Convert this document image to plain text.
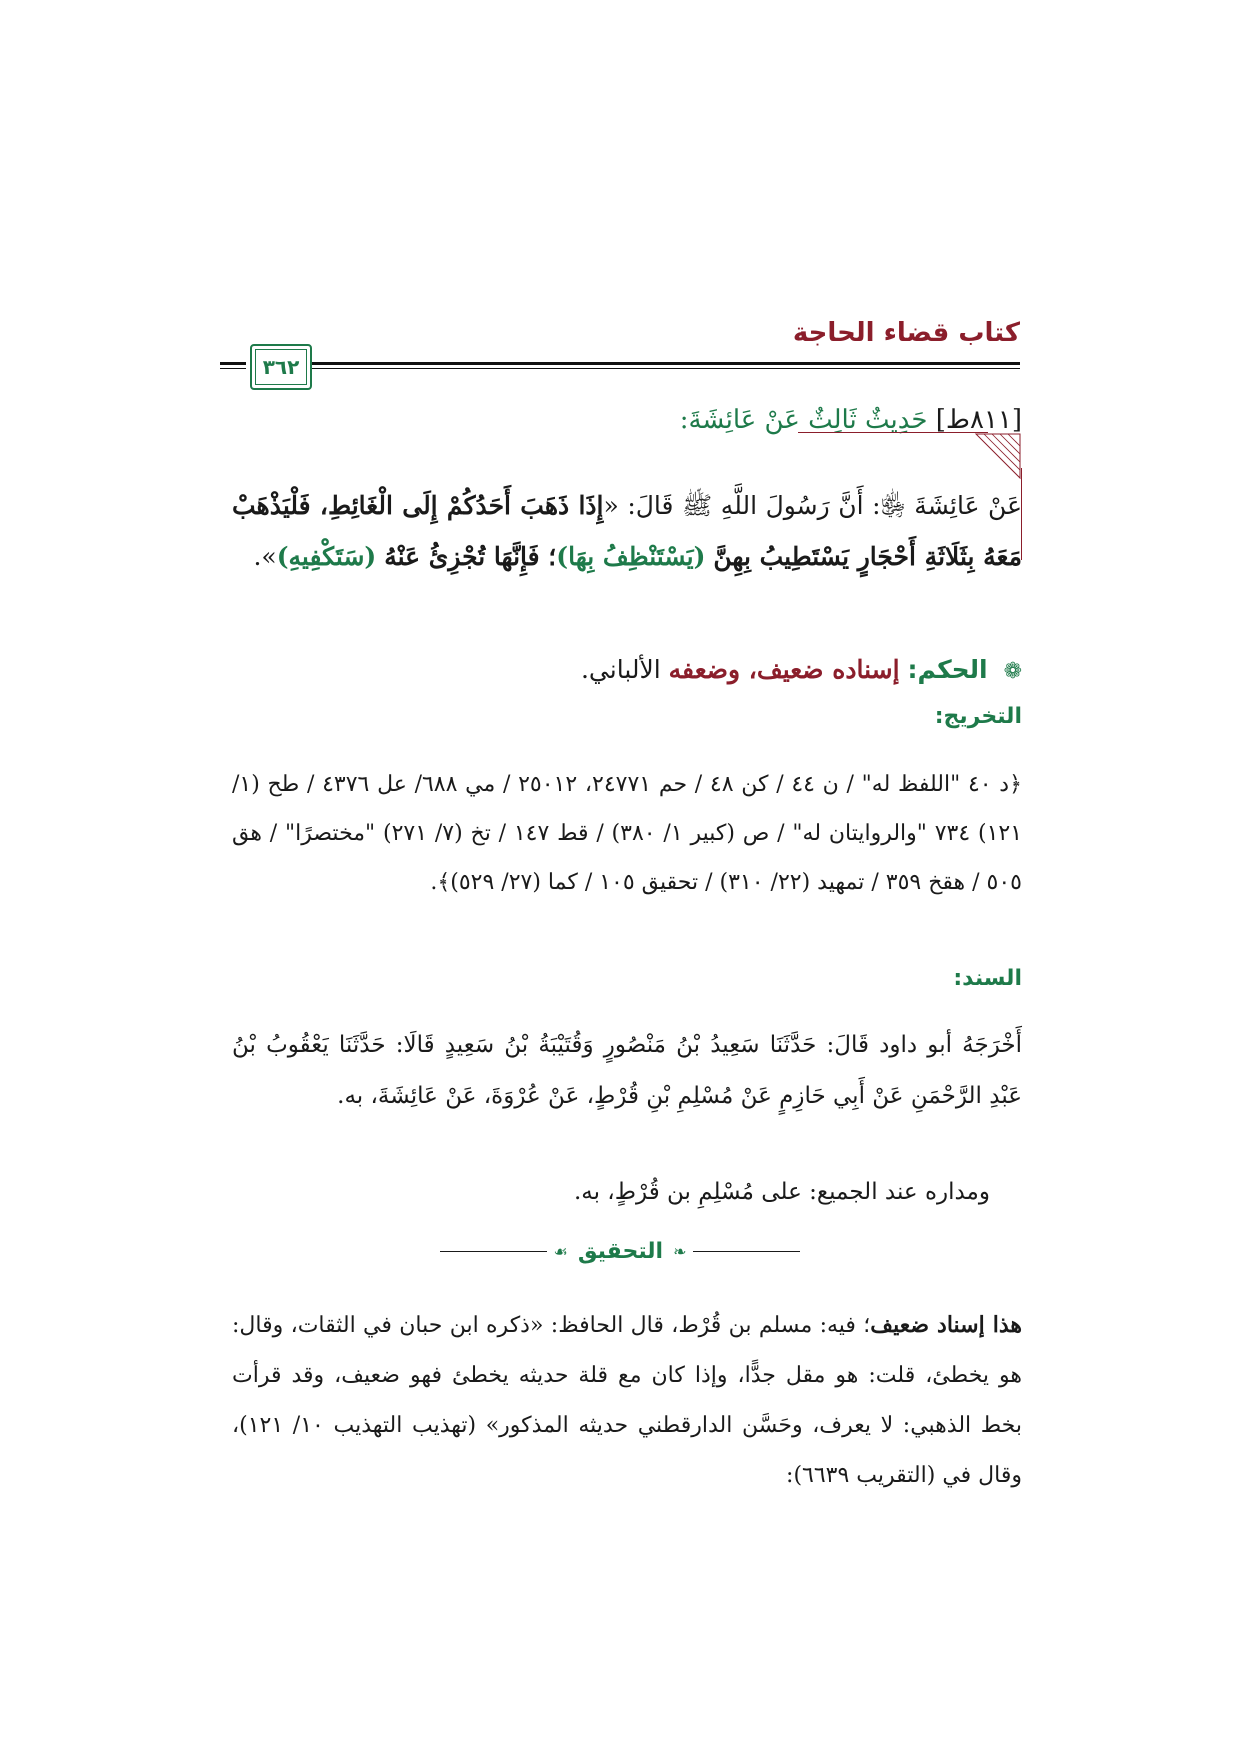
٣٦٢
كتاب قضاء الحاجة
[٨١١ط] حَدِيثٌ ثَالِثٌ عَنْ عَائِشَةَ:
عَنْ عَائِشَةَ ﵂: أَنَّ رَسُولَ اللَّهِ ﷺ قَالَ: «إِذَا ذَهَبَ أَحَدُكُمْ إِلَى الْغَائِطِ، فَلْيَذْهَبْ مَعَهُ بِثَلَاثَةِ أَحْجَارٍ يَسْتَطِيبُ بِهِنَّ (يَسْتَنْظِفُ بِهَا)؛ فَإِنَّهَا تُجْزِئُ عَنْهُ (سَتَكْفِيهِ)».
❁ الحكم: إسناده ضعيف، وضعفه الألباني.
التخريج:
﴿د ٤٠ "اللفظ له" / ن ٤٤ / كن ٤٨ / حم ٢٤٧٧١، ٢٥٠١٢ / مي ٦٨٨/ عل ٤٣٧٦ / طح (١/ ١٢١) ٧٣٤ "والروايتان له" / ص (كبير ١/ ٣٨٠) / قط ١٤٧ / تخ (٧/ ٢٧١) "مختصرًا" / هق ٥٠٥ / هقخ ٣٥٩ / تمهيد (٢٢/ ٣١٠) / تحقيق ١٠٥ / كما (٢٧/ ٥٢٩)﴾.
السند:
أَخْرَجَهُ أبو داود قَالَ: حَدَّثَنَا سَعِيدُ بْنُ مَنْصُورٍ وَقُتَيْبَةُ بْنُ سَعِيدٍ قَالَا: حَدَّثَنَا يَعْقُوبُ بْنُ عَبْدِ الرَّحْمَنِ عَنْ أَبِي حَازِمٍ عَنْ مُسْلِمِ بْنِ قُرْطٍ، عَنْ عُرْوَةَ، عَنْ عَائِشَةَ، به.
ومداره عند الجميع: على مُسْلِمِ بن قُرْطٍ، به.
❧
التحقيق
☙
هذا إسناد ضعيف؛ فيه: مسلم بن قُرْط، قال الحافظ: «ذكره ابن حبان في الثقات، وقال: هو يخطئ، قلت: هو مقل جدًّا، وإذا كان مع قلة حديثه يخطئ فهو ضعيف، وقد قرأت بخط الذهبي: لا يعرف، وحَسَّن الدارقطني حديثه المذكور» (تهذيب التهذيب ١٠/ ١٢١)، وقال في (التقريب ٦٦٣٩):
